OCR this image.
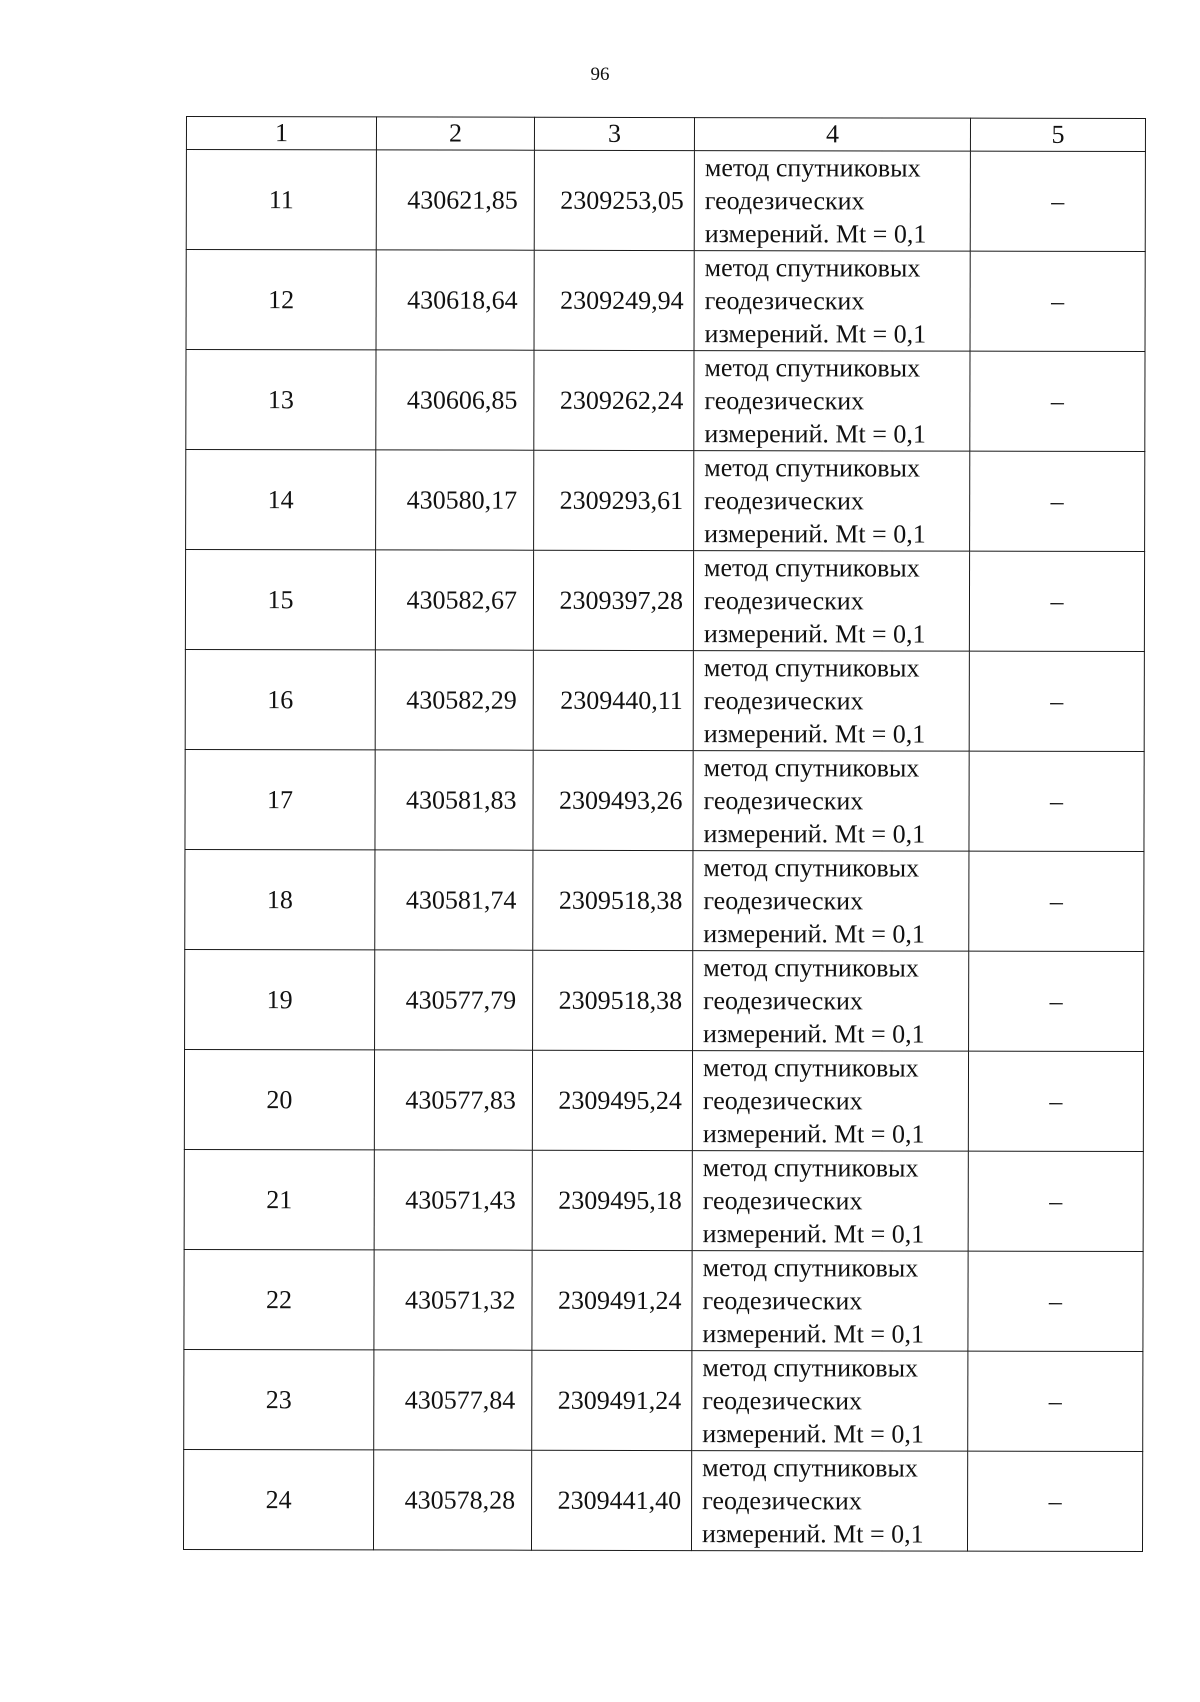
96
1	2	3	4	5
11	430621,85	2309253,05	метод спутниковых
геодезических
измерений. Mt = 0,1	–
12	430618,64	2309249,94	метод спутниковых
геодезических
измерений. Mt = 0,1	–
13	430606,85	2309262,24	метод спутниковых
геодезических
измерений. Mt = 0,1	–
14	430580,17	2309293,61	метод спутниковых
геодезических
измерений. Mt = 0,1	–
15	430582,67	2309397,28	метод спутниковых
геодезических
измерений. Mt = 0,1	–
16	430582,29	2309440,11	метод спутниковых
геодезических
измерений. Mt = 0,1	–
17	430581,83	2309493,26	метод спутниковых
геодезических
измерений. Mt = 0,1	–
18	430581,74	2309518,38	метод спутниковых
геодезических
измерений. Mt = 0,1	–
19	430577,79	2309518,38	метод спутниковых
геодезических
измерений. Mt = 0,1	–
20	430577,83	2309495,24	метод спутниковых
геодезических
измерений. Mt = 0,1	–
21	430571,43	2309495,18	метод спутниковых
геодезических
измерений. Mt = 0,1	–
22	430571,32	2309491,24	метод спутниковых
геодезических
измерений. Mt = 0,1	–
23	430577,84	2309491,24	метод спутниковых
геодезических
измерений. Mt = 0,1	–
24	430578,28	2309441,40	метод спутниковых
геодезических
измерений. Mt = 0,1	–
